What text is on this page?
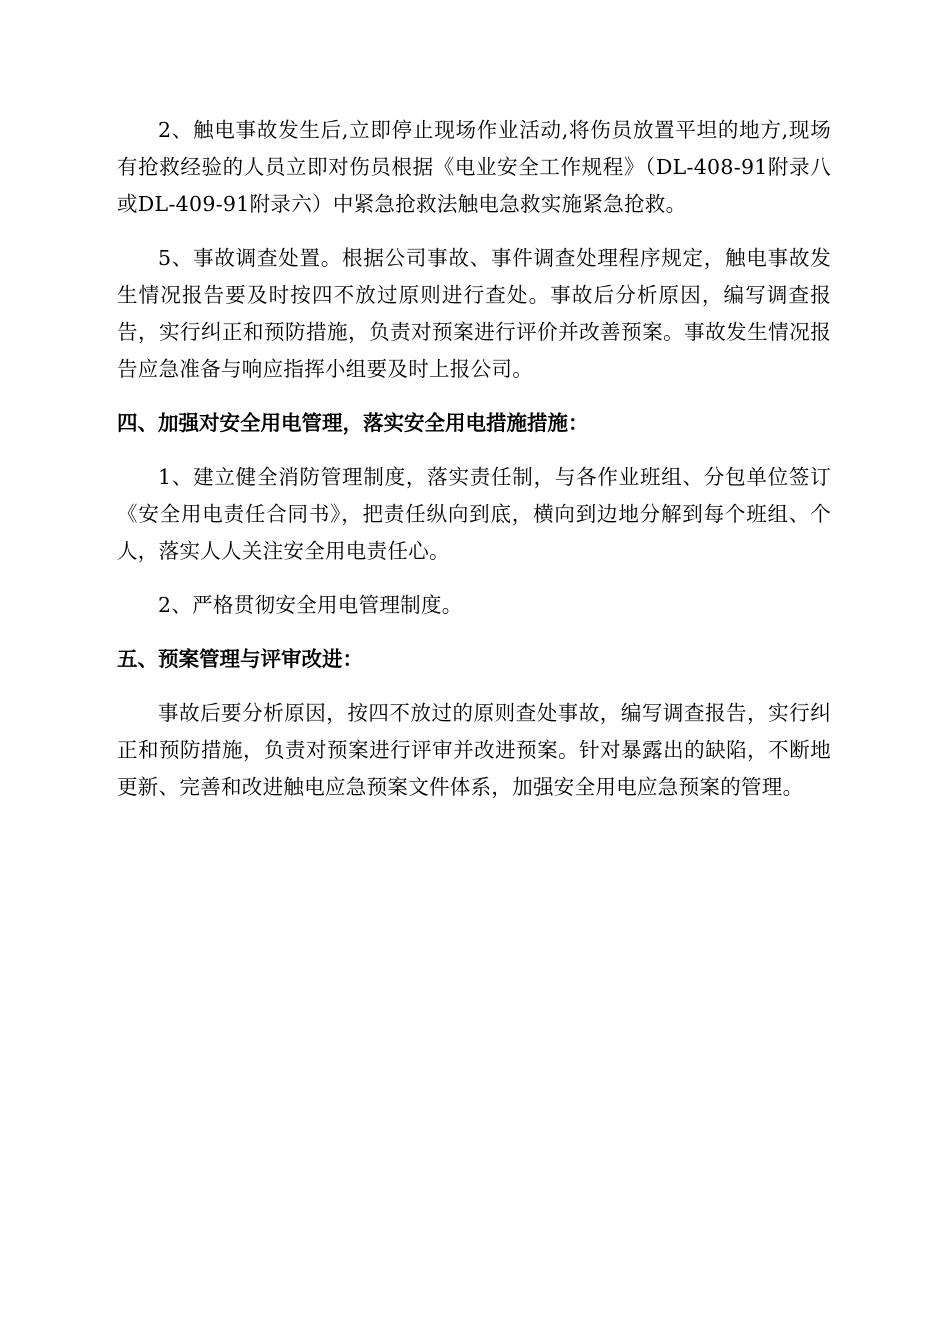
2、触电事故发生后,立即停止现场作业活动,将伤员放置平坦的地方,现场有抢救经验的人员立即对伤员根据《电业安全工作规程》（DL-408-91附录八或DL-409-91附录六）中紧急抢救法触电急救实施紧急抢救。

5、事故调查处置。根据公司事故、事件调查处理程序规定，触电事故发生情况报告要及时按四不放过原则进行查处。事故后分析原因，编写调查报告，实行纠正和预防措施，负责对预案进行评价并改善预案。事故发生情况报告应急准备与响应指挥小组要及时上报公司。

四、加强对安全用电管理，落实安全用电措施措施：

1、建立健全消防管理制度，落实责任制，与各作业班组、分包单位签订《安全用电责任合同书》，把责任纵向到底，横向到边地分解到每个班组、个人，落实人人关注安全用电责任心。

2、严格贯彻安全用电管理制度。

五、预案管理与评审改进：

事故后要分析原因，按四不放过的原则查处事故，编写调查报告，实行纠正和预防措施，负责对预案进行评审并改进预案。针对暴露出的缺陷，不断地更新、完善和改进触电应急预案文件体系，加强安全用电应急预案的管理。
